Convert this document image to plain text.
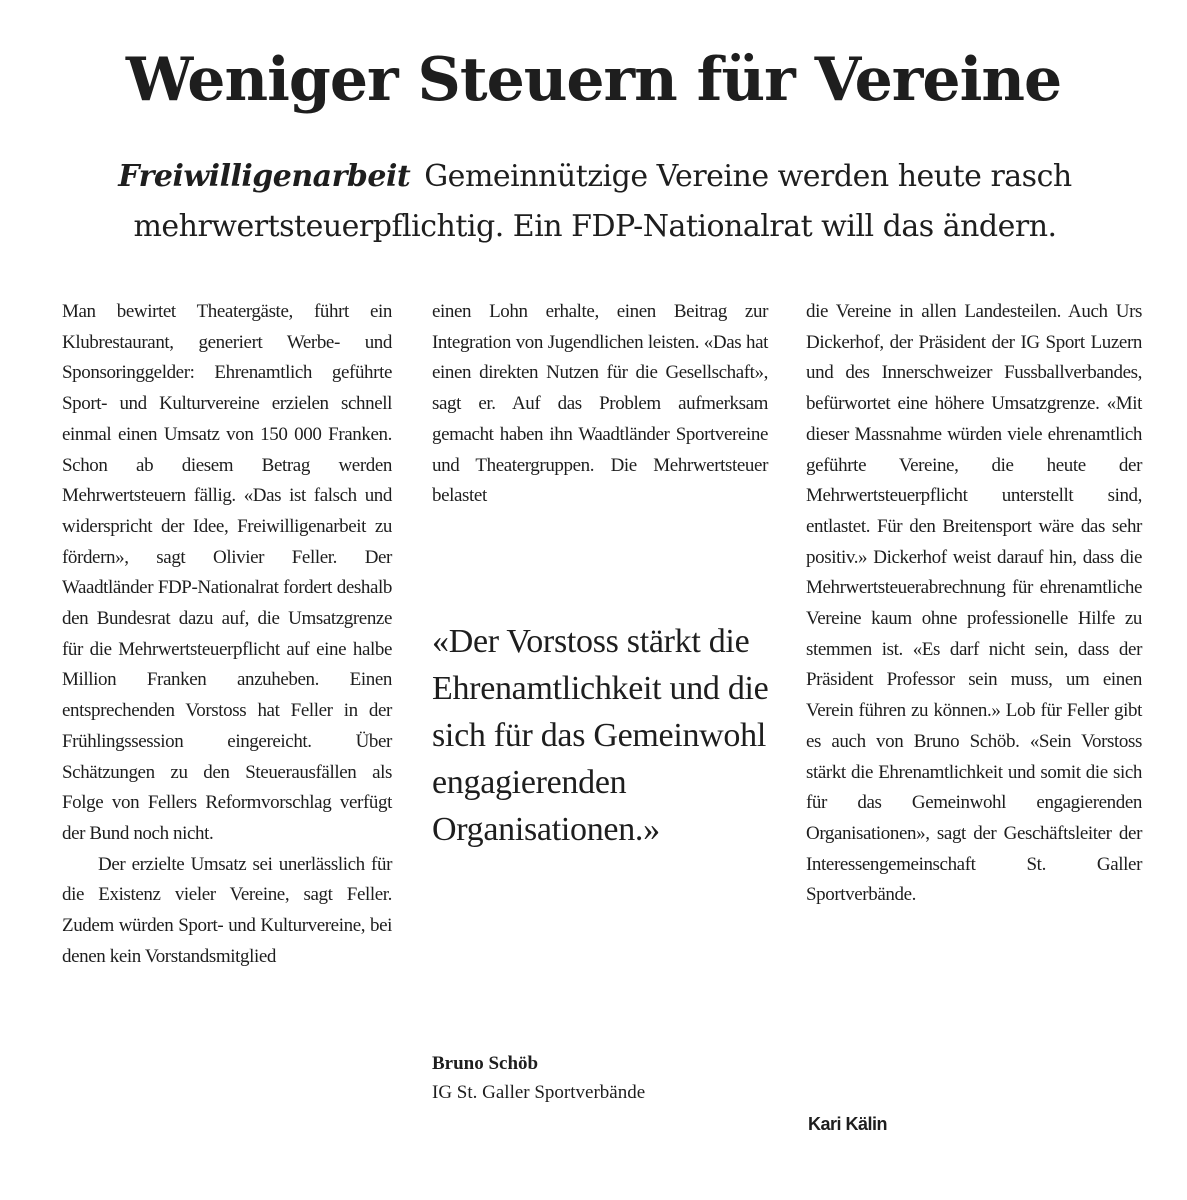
Weniger Steuern für Vereine
Freiwilligenarbeit Gemeinnützige Vereine werden heute rasch mehrwertsteuerpflichtig. Ein FDP-Nationalrat will das ändern.

Man bewirtet Theatergäste, führt ein Klubrestaurant, generiert Werbe- und Sponsoringgelder: Ehrenamtlich geführte Sport- und Kulturvereine erzielen schnell einmal einen Umsatz von 150 000 Franken. Schon ab diesem Betrag werden Mehrwertsteuern fällig. «Das ist falsch und widerspricht der Idee, Freiwilligenarbeit zu fördern», sagt Olivier Feller. Der Waadtländer FDP-Nationalrat fordert deshalb den Bundesrat dazu auf, die Umsatzgrenze für die Mehrwertsteuerpflicht auf eine halbe Million Franken anzuheben. Einen entsprechenden Vorstoss hat Feller in der Frühlingssession eingereicht. Über Schätzungen zu den Steuerausfällen als Folge von Fellers Reformvorschlag verfügt der Bund noch nicht.

Der erzielte Umsatz sei unerlässlich für die Existenz vieler Vereine, sagt Feller. Zudem würden Sport- und Kulturvereine, bei denen kein Vorstandsmitglied

einen Lohn erhalte, einen Beitrag zur Integration von Jugendlichen leisten. «Das hat einen direkten Nutzen für die Gesellschaft», sagt er. Auf das Problem aufmerksam gemacht haben ihn Waadtländer Sportvereine und Theatergruppen. Die Mehrwertsteuer belastet

«Der Vorstoss stärkt die Ehrenamtlichkeit und die sich für das Gemeinwohl engagierenden Organisationen.»
Bruno Schöb
IG St. Galler Sportverbände

die Vereine in allen Landesteilen. Auch Urs Dickerhof, der Präsident der IG Sport Luzern und des Innerschweizer Fussballverbandes, befürwortet eine höhere Umsatzgrenze. «Mit dieser Massnahme würden viele ehrenamtlich geführte Vereine, die heute der Mehrwertsteuerpflicht unterstellt sind, entlastet. Für den Breitensport wäre das sehr positiv.» Dickerhof weist darauf hin, dass die Mehrwertsteuerabrechnung für ehrenamtliche Vereine kaum ohne professionelle Hilfe zu stemmen ist. «Es darf nicht sein, dass der Präsident Professor sein muss, um einen Verein führen zu können.» Lob für Feller gibt es auch von Bruno Schöb. «Sein Vorstoss stärkt die Ehrenamtlichkeit und somit die sich für das Gemeinwohl engagierenden Organisationen», sagt der Geschäftsleiter der Interessengemeinschaft St. Galler Sportverbände.

Kari Kälin
